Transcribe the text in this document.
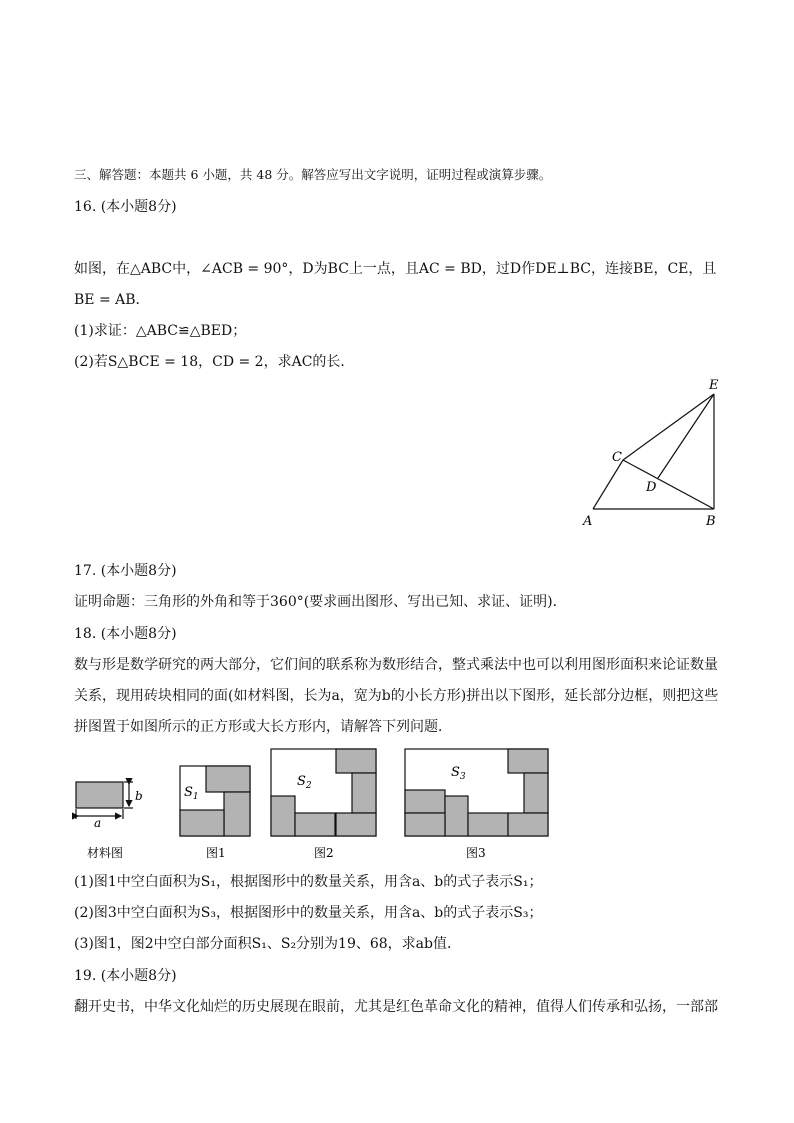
三、解答题：本题共 6 小题，共 48 分。解答应写出文字说明，证明过程或演算步骤。
16. (本小题8分)
如图，在△ABC中，∠ACB = 90°，D为BC上一点，且AC = BD，过D作DE⊥BC，连接BE，CE，且
BE = AB．
(1)求证：△ABC≌△BED；
(2)若S△BCE = 18，CD = 2，求AC的长．
E
C
D
A	B
17. (本小题8分)
证明命题：三角形的外角和等于360°(要求画出图形、写出已知、求证、证明)．
18. (本小题8分)
数与形是数学研究的两大部分，它们间的联系称为数形结合，整式乘法中也可以利用图形面积来论证数量
关系，现用砖块相同的面(如材料图，长为a，宽为b的小长方形)拼出以下图形，延长部分边框，则把这些
拼图置于如图所示的正方形或大长方形内，请解答下列问题．
a
b	$S_1$
$S_2$
$S_3$
材料图	图1	图2	图3
(1)图1中空白面积为S₁，根据图形中的数量关系，用含a、b的式子表示S₁；
(2)图3中空白面积为S₃，根据图形中的数量关系，用含a、b的式子表示S₃；
(3)图1，图2中空白部分面积S₁、S₂分别为19、68，求ab值．
19. (本小题8分)
翻开史书，中华文化灿烂的历史展现在眼前，尤其是红色革命文化的精神，值得人们传承和弘扬，一部部
